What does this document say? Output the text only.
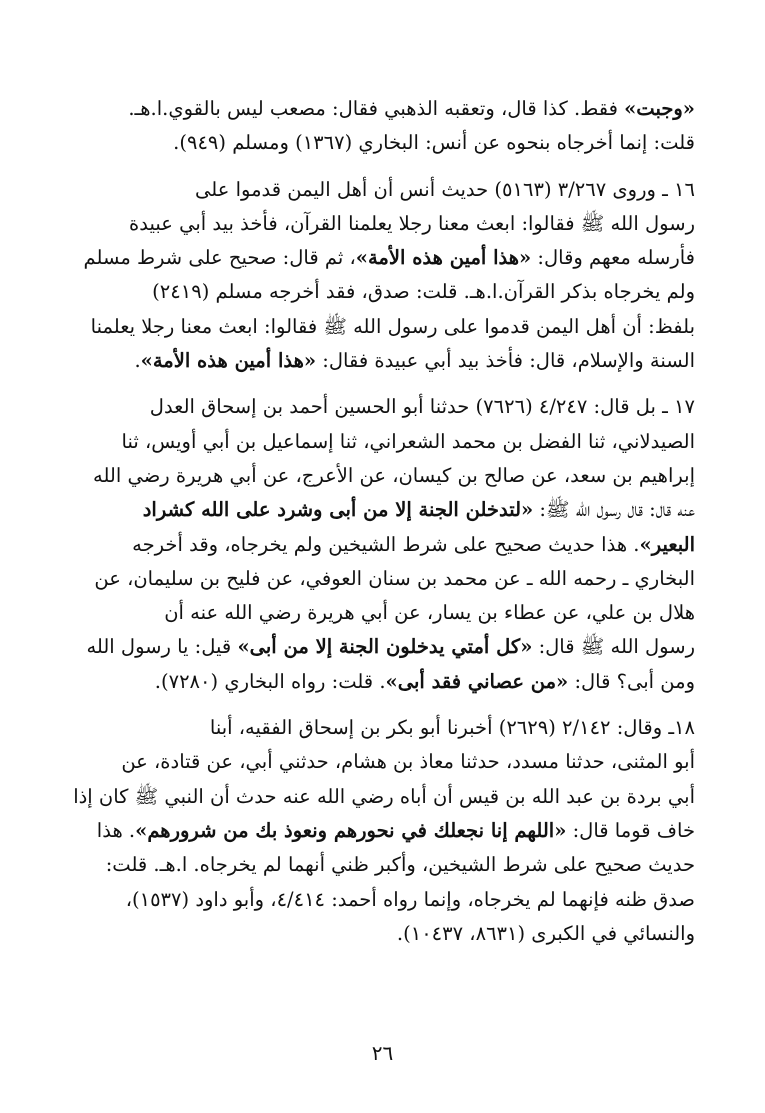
«وجبت» فقط. كذا قال، وتعقبه الذهبي فقال: مصعب ليس بالقوي.ا.هـ.
قلت: إنما أخرجاه بنحوه عن أنس: البخاري (١٣٦٧) ومسلم (٩٤٩).
١٦ ـ وروى ٣/٢٦٧ (٥١٦٣) حديث أنس أن أهل اليمن قدموا على
رسول الله ﷺ فقالوا: ابعث معنا رجلا يعلمنا القرآن، فأخذ بيد أبي عبيدة
فأرسله معهم وقال: «هذا أمين هذه الأمة»، ثم قال: صحيح على شرط مسلم
ولم يخرجاه بذكر القرآن.ا.هـ. قلت: صدق، فقد أخرجه مسلم (٢٤١٩)
بلفظ: أن أهل اليمن قدموا على رسول الله ﷺ فقالوا: ابعث معنا رجلا يعلمنا
السنة والإسلام، قال: فأخذ بيد أبي عبيدة فقال: «هذا أمين هذه الأمة».
١٧ ـ بل قال: ٤/٢٤٧ (٧٦٢٦) حدثنا أبو الحسين أحمد بن إسحاق العدل
الصيدلاني، ثنا الفضل بن محمد الشعراني، ثنا إسماعيل بن أبي أويس، ثنا
إبراهيم بن سعد، عن صالح بن كيسان، عن الأعرج، عن أبي هريرة رضي الله
عنه قال: قال رسول الله ﷺ: «لتدخلن الجنة إلا من أبى وشرد على الله كشراد
البعير». هذا حديث صحيح على شرط الشيخين ولم يخرجاه، وقد أخرجه
البخاري ـ رحمه الله ـ عن محمد بن سنان العوفي، عن فليح بن سليمان، عن
هلال بن علي، عن عطاء بن يسار، عن أبي هريرة رضي الله عنه أن
رسول الله ﷺ قال: «كل أمتي يدخلون الجنة إلا من أبى» قيل: يا رسول الله
ومن أبى؟ قال: «من عصاني فقد أبى». قلت: رواه البخاري (٧٢٨٠).
١٨ـ وقال: ٢/١٤٢ (٢٦٢٩) أخبرنا أبو بكر بن إسحاق الفقيه، أبنا
أبو المثنى، حدثنا مسدد، حدثنا معاذ بن هشام، حدثني أبي، عن قتادة، عن
أبي بردة بن عبد الله بن قيس أن أباه رضي الله عنه حدث أن النبي ﷺ كان إذا
خاف قوما قال: «اللهم إنا نجعلك في نحورهم ونعوذ بك من شرورهم». هذا
حديث صحيح على شرط الشيخين، وأكبر ظني أنهما لم يخرجاه. ا.هـ. قلت:
صدق ظنه فإنهما لم يخرجاه، وإنما رواه أحمد: ٤/٤١٤، وأبو داود (١٥٣٧)،
والنسائي في الكبرى (٨٦٣١، ١٠٤٣٧).
٢٦
